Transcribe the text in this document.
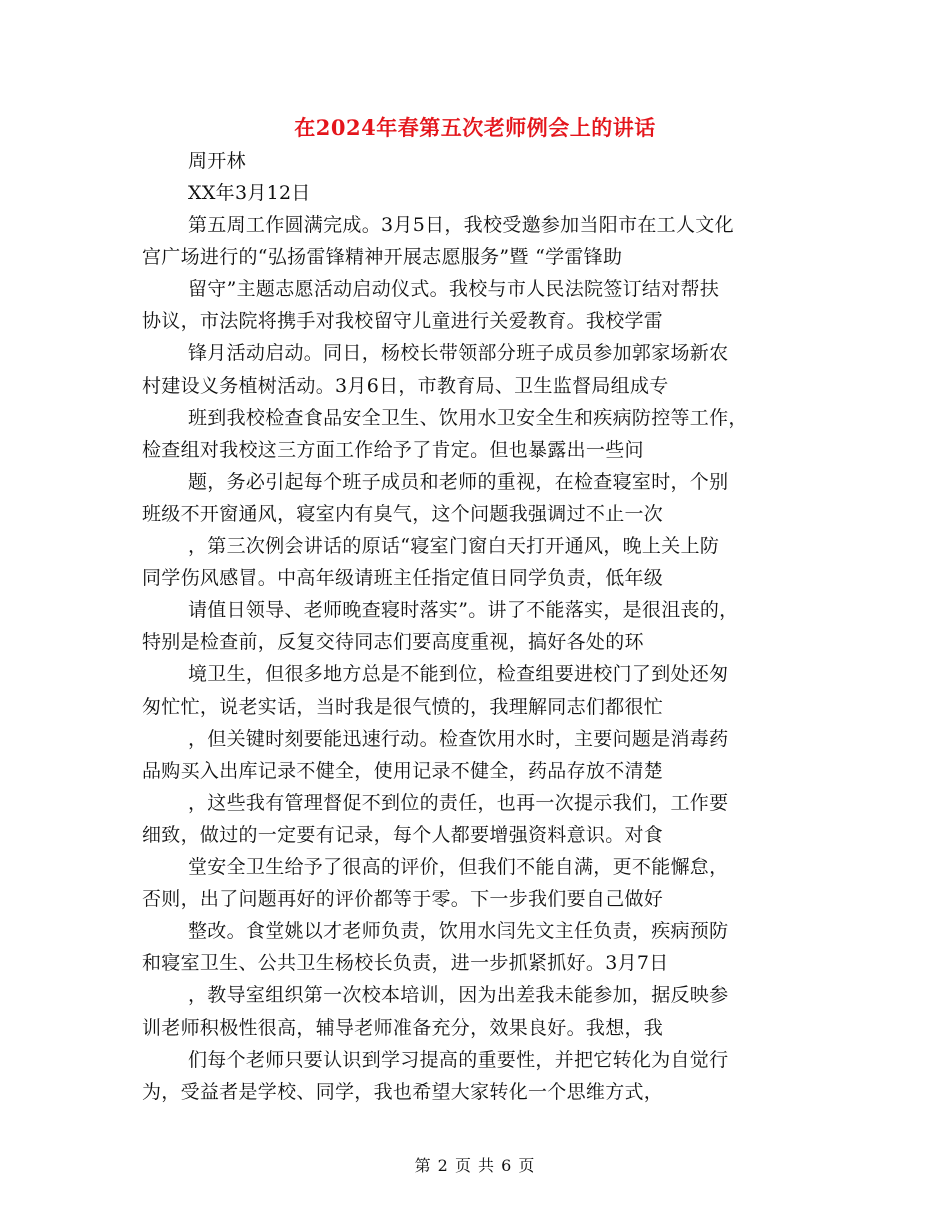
在2024年春第五次老师例会上的讲话
周开林
XX年3月12日
第五周工作圆满完成。3月5日，我校受邀参加当阳市在工人文化
宫广场进行的“弘扬雷锋精神开展志愿服务”暨 “学雷锋助
留守”主题志愿活动启动仪式。我校与市人民法院签订结对帮扶
协议，市法院将携手对我校留守儿童进行关爱教育。我校学雷
锋月活动启动。同日，杨校长带领部分班子成员参加郭家场新农
村建设义务植树活动。3月6日，市教育局、卫生监督局组成专
班到我校检查食品安全卫生、饮用水卫安全生和疾病防控等工作，
检查组对我校这三方面工作给予了肯定。但也暴露出一些问
题，务必引起每个班子成员和老师的重视，在检查寝室时，个别
班级不开窗通风，寝室内有臭气，这个问题我强调过不止一次
，第三次例会讲话的原话“寝室门窗白天打开通风，晚上关上防
同学伤风感冒。中高年级请班主任指定值日同学负责，低年级
请值日领导、老师晚查寝时落实”。讲了不能落实，是很沮丧的，
特别是检查前，反复交待同志们要高度重视，搞好各处的环
境卫生，但很多地方总是不能到位，检查组要进校门了到处还匆
匆忙忙，说老实话，当时我是很气愤的，我理解同志们都很忙
，但关键时刻要能迅速行动。检查饮用水时，主要问题是消毒药
品购买入出库记录不健全，使用记录不健全，药品存放不清楚
，这些我有管理督促不到位的责任，也再一次提示我们，工作要
细致，做过的一定要有记录，每个人都要增强资料意识。对食
堂安全卫生给予了很高的评价，但我们不能自满，更不能懈怠，
否则，出了问题再好的评价都等于零。下一步我们要自己做好
整改。食堂姚以才老师负责，饮用水闫先文主任负责，疾病预防
和寝室卫生、公共卫生杨校长负责，进一步抓紧抓好。3月7日
，教导室组织第一次校本培训，因为出差我未能参加，据反映参
训老师积极性很高，辅导老师准备充分，效果良好。我想，我
们每个老师只要认识到学习提高的重要性，并把它转化为自觉行
为，受益者是学校、同学，我也希望大家转化一个思维方式，
第 2 页 共 6 页
